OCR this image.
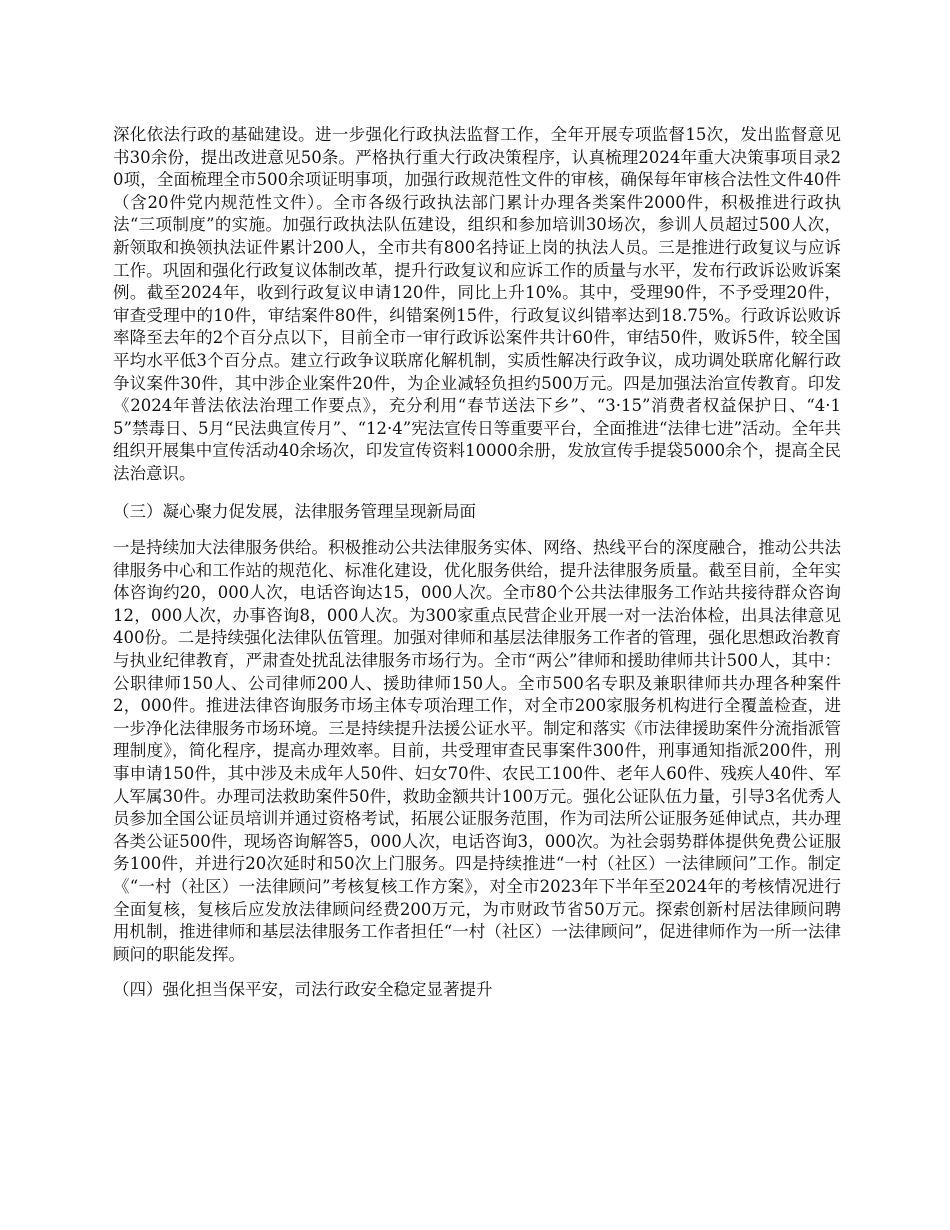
深化依法行政的基础建设。进一步强化行政执法监督工作，全年开展专项监督15次，发出监督意见书30余份，提出改进意见50条。严格执行重大行政决策程序，认真梳理2024年重大决策事项目录20项，全面梳理全市500余项证明事项，加强行政规范性文件的审核，确保每年审核合法性文件40件（含20件党内规范性文件）。全市各级行政执法部门累计办理各类案件2000件，积极推进行政执法“三项制度”的实施。加强行政执法队伍建设，组织和参加培训30场次，参训人员超过500人次，新领取和换领执法证件累计200人，全市共有800名持证上岗的执法人员。三是推进行政复议与应诉工作。巩固和强化行政复议体制改革，提升行政复议和应诉工作的质量与水平，发布行政诉讼败诉案例。截至2024年，收到行政复议申请120件，同比上升10%。其中，受理90件，不予受理20件，审查受理中的10件，审结案件80件，纠错案例15件，行政复议纠错率达到18.75%。行政诉讼败诉率降至去年的2个百分点以下，目前全市一审行政诉讼案件共计60件，审结50件，败诉5件，较全国平均水平低3个百分点。建立行政争议联席化解机制，实质性解决行政争议，成功调处联席化解行政争议案件30件，其中涉企业案件20件，为企业减轻负担约500万元。四是加强法治宣传教育。印发《2024年普法依法治理工作要点》，充分利用“春节送法下乡”、“3·15”消费者权益保护日、“4·15”禁毒日、5月“民法典宣传月”、“12·4”宪法宣传日等重要平台，全面推进“法律七进”活动。全年共组织开展集中宣传活动40余场次，印发宣传资料10000余册，发放宣传手提袋5000余个，提高全民法治意识。

（三）凝心聚力促发展，法律服务管理呈现新局面

一是持续加大法律服务供给。积极推动公共法律服务实体、网络、热线平台的深度融合，推动公共法律服务中心和工作站的规范化、标准化建设，优化服务供给，提升法律服务质量。截至目前，全年实体咨询约20，000人次，电话咨询达15，000人次。全市80个公共法律服务工作站共接待群众咨询12，000人次，办事咨询8，000人次。为300家重点民营企业开展一对一法治体检，出具法律意见400份。二是持续强化法律队伍管理。加强对律师和基层法律服务工作者的管理，强化思想政治教育与执业纪律教育，严肃查处扰乱法律服务市场行为。全市“两公”律师和援助律师共计500人，其中：公职律师150人、公司律师200人、援助律师150人。全市500名专职及兼职律师共办理各种案件2，000件。推进法律咨询服务市场主体专项治理工作，对全市200家服务机构进行全覆盖检查，进一步净化法律服务市场环境。三是持续提升法援公证水平。制定和落实《市法律援助案件分流指派管理制度》，简化程序，提高办理效率。目前，共受理审查民事案件300件，刑事通知指派200件，刑事申请150件，其中涉及未成年人50件、妇女70件、农民工100件、老年人60件、残疾人40件、军人军属30件。办理司法救助案件50件，救助金额共计100万元。强化公证队伍力量，引导3名优秀人员参加全国公证员培训并通过资格考试，拓展公证服务范围，作为司法所公证服务延伸试点，共办理各类公证500件，现场咨询解答5，000人次，电话咨询3，000次。为社会弱势群体提供免费公证服务100件，并进行20次延时和50次上门服务。四是持续推进“一村（社区）一法律顾问”工作。制定《“一村（社区）一法律顾问”考核复核工作方案》，对全市2023年下半年至2024年的考核情况进行全面复核，复核后应发放法律顾问经费200万元，为市财政节省50万元。探索创新村居法律顾问聘用机制，推进律师和基层法律服务工作者担任“一村（社区）一法律顾问”，促进律师作为一所一法律顾问的职能发挥。

（四）强化担当保平安，司法行政安全稳定显著提升
